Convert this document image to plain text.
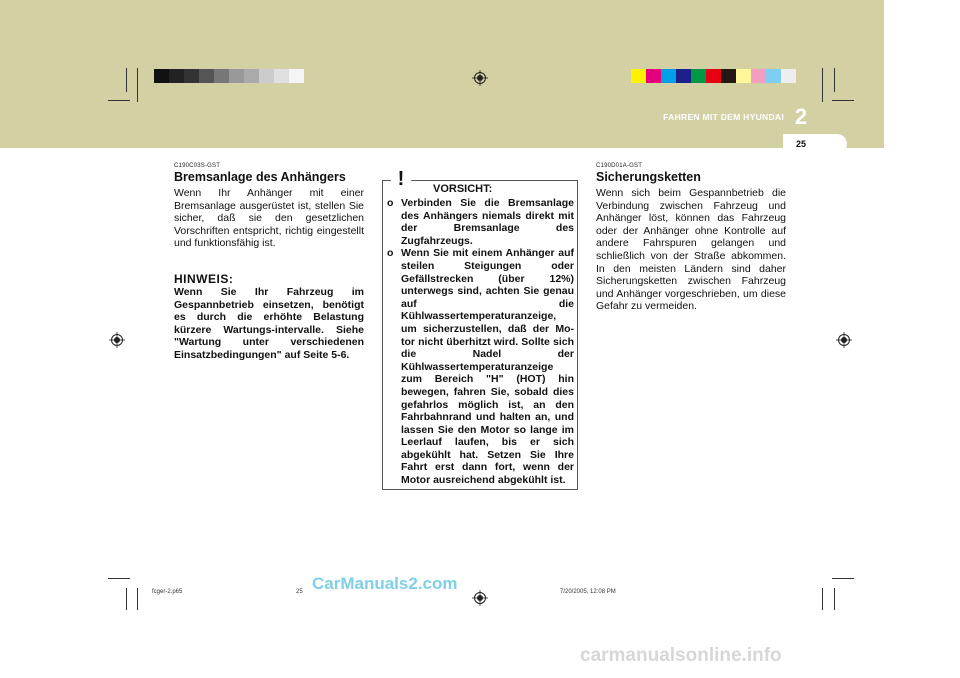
FAHREN MIT DEM HYUNDAI 2
25
C190C03S-GST
Bremsanlage des Anhängers
Wenn Ihr Anhänger mit einer Bremsanlage ausgerüstet ist, stellen Sie sicher, daß sie den gesetzlichen Vorschriften entspricht, richtig eingestellt und funktionsfähig ist.
HINWEIS:
Wenn Sie Ihr Fahrzeug im Gespannbetrieb einsetzen, benötigt es durch die erhöhte Belastung kürzere Wartungs-intervalle. Siehe "Wartung unter verschiedenen Einsatzbedingungen" auf Seite 5-6.
!	VORSICHT:
o Verbinden Sie die Bremsanlage des Anhängers niemals direkt mit der Bremsanlage des Zugfahrzeugs.
o Wenn Sie mit einem Anhänger auf steilen Steigungen oder Gefällstrecken (über 12%) unterwegs sind, achten Sie genau auf die Kühlwassertemperaturanzeige, um sicherzustellen, daß der Mo-tor nicht überhitzt wird. Sollte sich die Nadel der Kühlwassertemperaturanzeige zum Bereich "H" (HOT) hin bewegen, fahren Sie, sobald dies gefahrlos möglich ist, an den Fahrbahnrand und halten an, und lassen Sie den Motor so lange im Leerlauf laufen, bis er sich abgekühlt hat. Setzen Sie Ihre Fahrt erst dann fort, wenn der Motor ausreichend abgekühlt ist.
C190D01A-GST
Sicherungsketten
Wenn sich beim Gespannbetrieb die Verbindung zwischen Fahrzeug und Anhänger löst, können das Fahrzeug oder der Anhänger ohne Kontrolle auf andere Fahrspuren gelangen und schließlich von der Straße abkommen. In den meisten Ländern sind daher Sicherungsketten zwischen Fahrzeug und Anhänger vorgeschrieben, um diese Gefahr zu vermeiden.
fcger-2.p65	25	7/20/2005, 12:08 PM
CarManuals2.com
carmanualsonline.info
